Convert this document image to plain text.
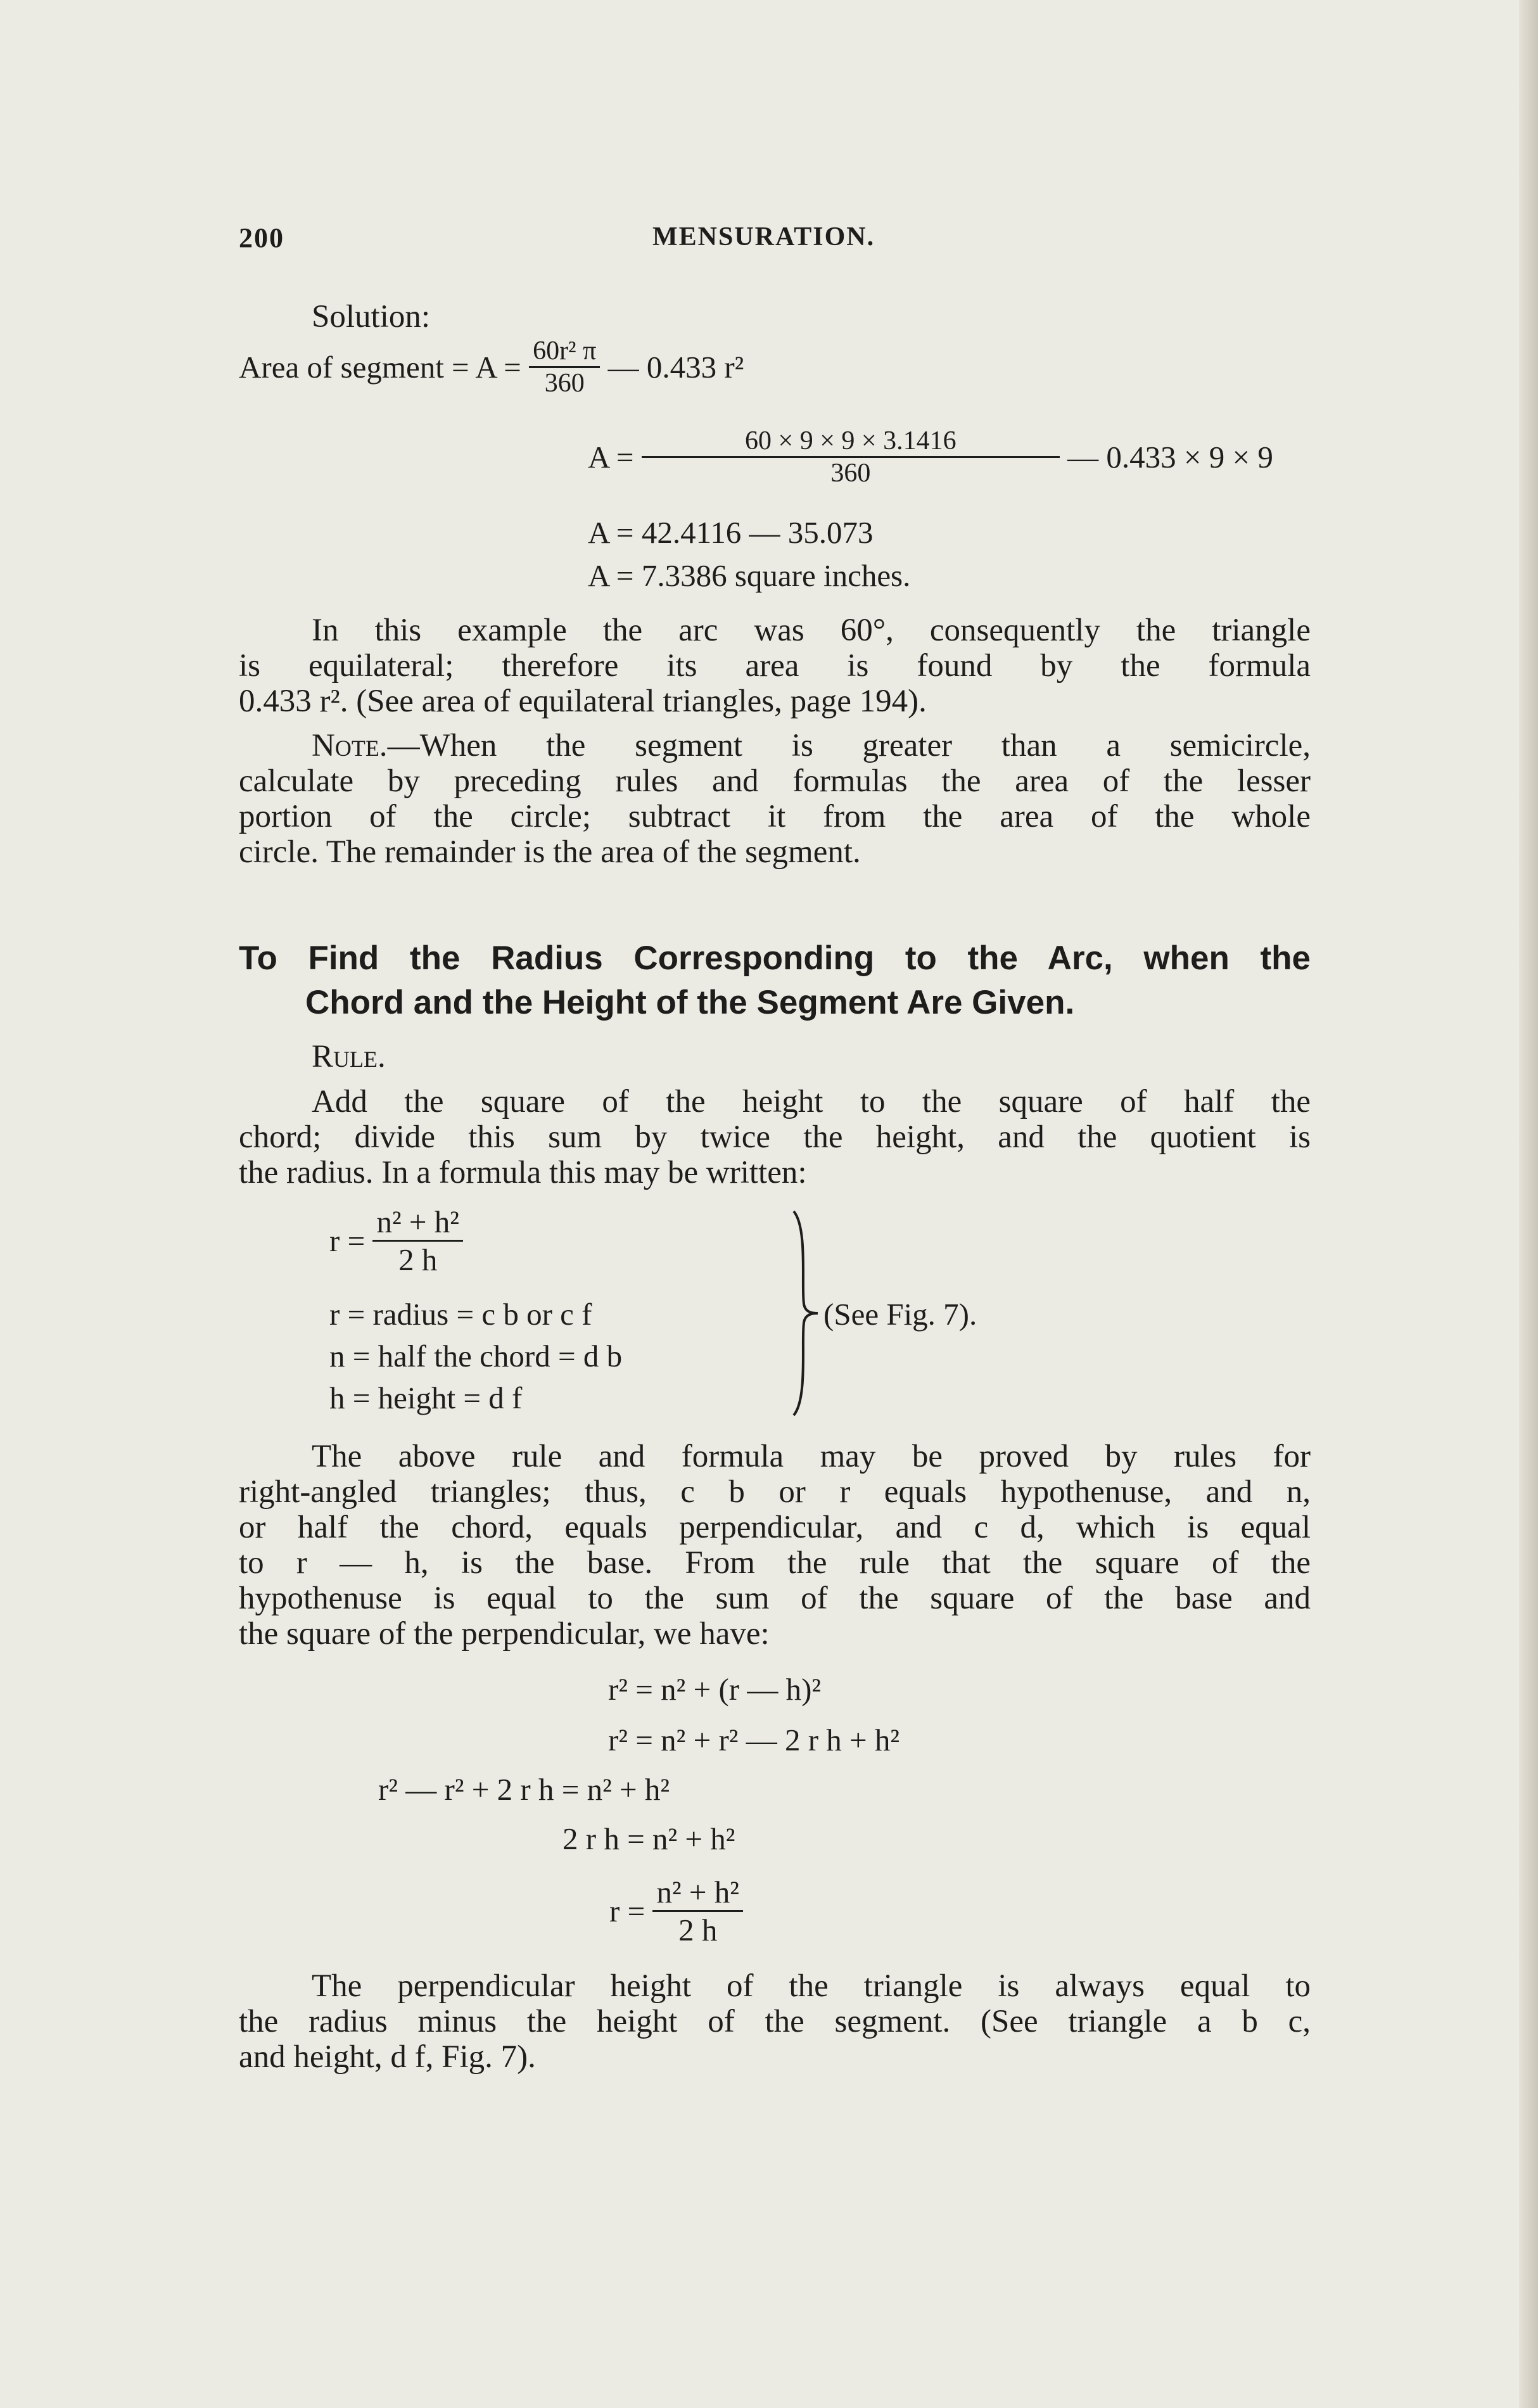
200	MENSURATION.
Solution:
Area of segment = $A = \frac{\text{60r² π}}{360}$ — 0.433 r²
$A = \frac{60 \times 9 \times 9 \times 3.1416}{360}$ — 0.433 × 9 × 9
A = 42.4116 — 35.073
A = 7.3386 square inches.
In this example the arc was 60°, consequently the triangle
is equilateral; therefore its area is found by the formula
0.433 r². (See area of equilateral triangles, page 194).
Note.—When the segment is greater than a semicircle,
calculate by preceding rules and formulas the area of the lesser
portion of the circle; subtract it from the area of the whole
circle. The remainder is the area of the segment.
To Find the Radius Corresponding to the Arc, when the
Chord and the Height of the Segment Are Given.
Rule.
Add the square of the height to the square of half the
chord; divide this sum by twice the height, and the quotient is
the radius. In a formula this may be written:
$r = \frac{\text{n² + h²}}{2 h}$
r = radius = c b or c f
n = half the chord = d b
h = height = d f
(See Fig. 7).
The above rule and formula may be proved by rules for
right-angled triangles; thus, c b or r equals hypothenuse, and n,
or half the chord, equals perpendicular, and c d, which is equal
to r — h, is the base. From the rule that the square of the
hypothenuse is equal to the sum of the square of the base and
the square of the perpendicular, we have:
r² = n² + (r — h)²
r² = n² + r² — 2 r h + h²
r² — r² + 2 r h = n² + h²
2 r h = n² + h²
$r = \frac{\text{n² + h²}}{2 h}$
The perpendicular height of the triangle is always equal to
the radius minus the height of the segment. (See triangle a b c,
and height, d f, Fig. 7).
